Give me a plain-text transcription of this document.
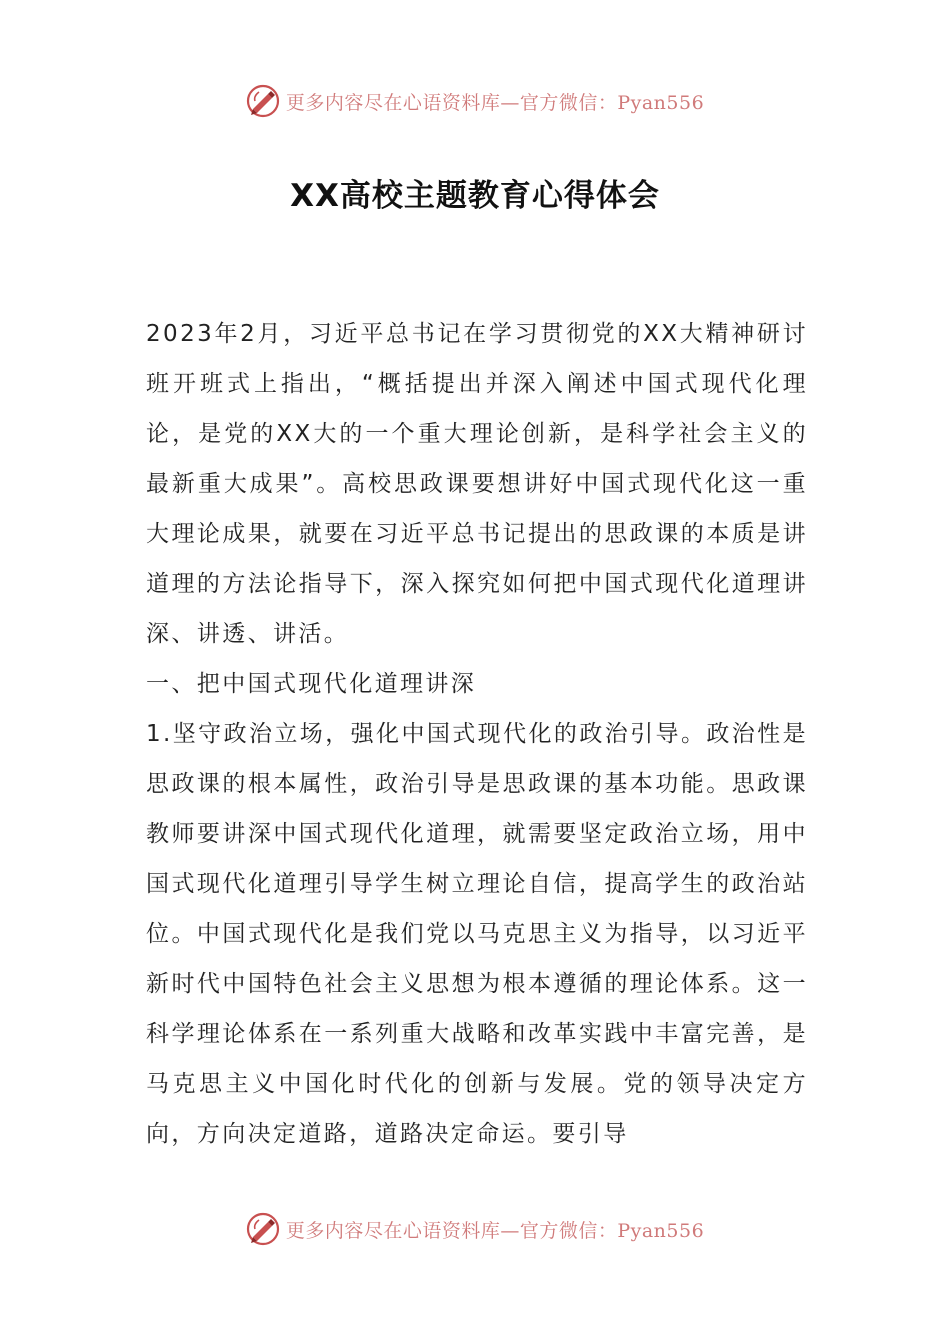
更多内容尽在心语资料库—官方微信：Pyan556
XX高校主题教育心得体会

2023年2月，习近平总书记在学习贯彻党的XX大精神研讨班开班式上指出，“概括提出并深入阐述中国式现代化理论，是党的XX大的一个重大理论创新，是科学社会主义的最新重大成果”。高校思政课要想讲好中国式现代化这一重大理论成果，就要在习近平总书记提出的思政课的本质是讲道理的方法论指导下，深入探究如何把中国式现代化道理讲深、讲透、讲活。

一、把中国式现代化道理讲深

1.坚守政治立场，强化中国式现代化的政治引导。政治性是思政课的根本属性，政治引导是思政课的基本功能。思政课教师要讲深中国式现代化道理，就需要坚定政治立场，用中国式现代化道理引导学生树立理论自信，提高学生的政治站位。中国式现代化是我们党以马克思主义为指导，以习近平新时代中国特色社会主义思想为根本遵循的理论体系。这一科学理论体系在一系列重大战略和改革实践中丰富完善，是马克思主义中国化时代化的创新与发展。党的领导决定方向，方向决定道路，道路决定命运。要引导

更多内容尽在心语资料库—官方微信：Pyan556
